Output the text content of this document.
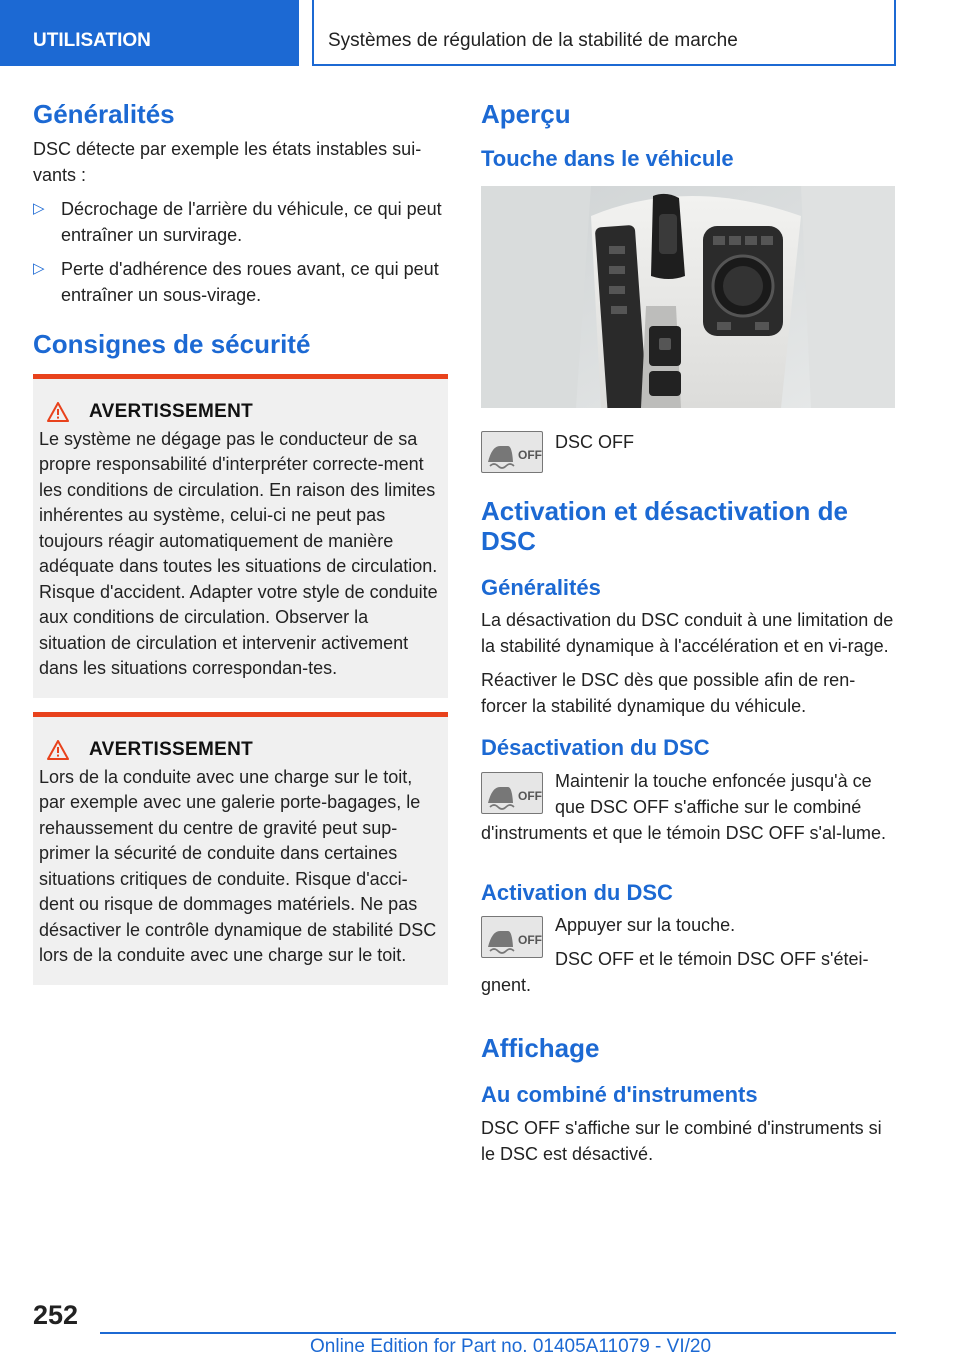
UTILISATION	Systèmes de régulation de la stabilité de marche
Généralités

DSC détecte par exemple les états instables sui-vants :

▷ Décrochage de l'arrière du véhicule, ce qui peut entraîner un survirage.
▷ Perte d'adhérence des roues avant, ce qui peut entraîner un sous-virage.
Consignes de sécurité
AVERTISSEMENT

Le système ne dégage pas le conducteur de sa propre responsabilité d'interpréter correcte-ment les conditions de circulation. En raison des limites inhérentes au système, celui-ci ne peut pas toujours réagir automatiquement de manière adéquate dans toutes les situations de circulation. Risque d'accident. Adapter votre style de conduite aux conditions de circulation. Observer la situation de circulation et intervenir activement dans les situations correspondan-tes.

AVERTISSEMENT

Lors de la conduite avec une charge sur le toit, par exemple avec une galerie porte-bagages, le rehaussement du centre de gravité peut sup-primer la sécurité de conduite dans certaines situations critiques de conduite. Risque d'acci-dent ou risque de dommages matériels. Ne pas désactiver le contrôle dynamique de stabilité DSC lors de la conduite avec une charge sur le toit.

Aperçu
Touche dans le véhicule
OFF

DSC OFF

Activation et désactivation de DSC
Généralités

La désactivation du DSC conduit à une limitation de la stabilité dynamique à l'accélération et en vi-rage.

Réactiver le DSC dès que possible afin de ren-forcer la stabilité dynamique du véhicule.

Désactivation du DSC
OFF

Maintenir la touche enfoncée jusqu'à ce que DSC OFF s'affiche sur le combiné d'instruments et que le témoin DSC OFF s'al-lume.

Activation du DSC
OFF

Appuyer sur la touche.

DSC OFF et le témoin DSC OFF s'étei-gnent.

Affichage
Au combiné d'instruments

DSC OFF s'affiche sur le combiné d'instruments si le DSC est désactivé.

252
Online Edition for Part no. 01405A11079 - VI/20
